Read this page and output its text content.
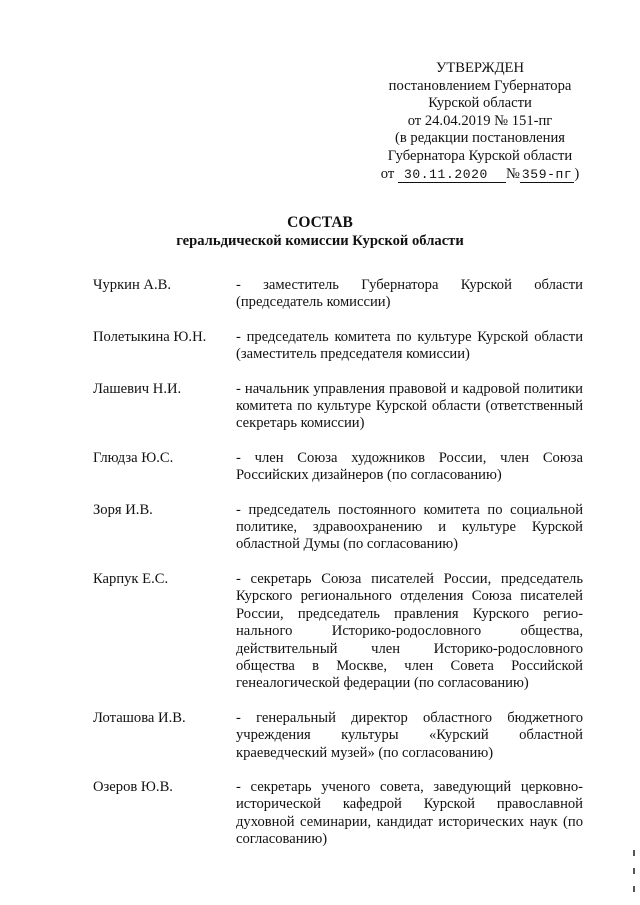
УТВЕРЖДЕН
постановлением Губернатора
Курской области
от 24.04.2019 № 151-пг
(в редакции постановления
Губернатора Курской области
от 30.11.2020 № 359-пг )
СОСТАВ
геральдической комиссии Курской области
Чуркин А.В.	- заместитель Губернатора Курской области (председатель комиссии)
Полетыкина Ю.Н.	- председатель комитета по культуре Курской области (заместитель председателя комиссии)
Лашевич Н.И.	- начальник управления правовой и кадровой политики комитета по культуре Курской области (ответственный секретарь комиссии)
Глюдза Ю.С.	- член Союза художников России, член Союза Российских дизайнеров (по согласованию)
Зоря И.В.	- председатель постоянного комитета по социальной политике, здравоохранению и культуре Курской областной Думы (по согласованию)
Карпук Е.С.	- секретарь Союза писателей России, председатель Курского регионального отделения Союза писателей России, председатель правления Курского регио-нального Историко-родословного общества, действительный член Историко-родословного общества в Москве, член Совета Российской генеалогической федерации (по согласованию)
Лоташова И.В.	- генеральный директор областного бюджетного учреждения культуры «Курский областной краеведческий музей» (по согласованию)
Озеров Ю.В.	- секретарь ученого совета, заведующий церковно-исторической кафедрой Курской православной духовной семинарии, кандидат исторических наук (по согласованию)
